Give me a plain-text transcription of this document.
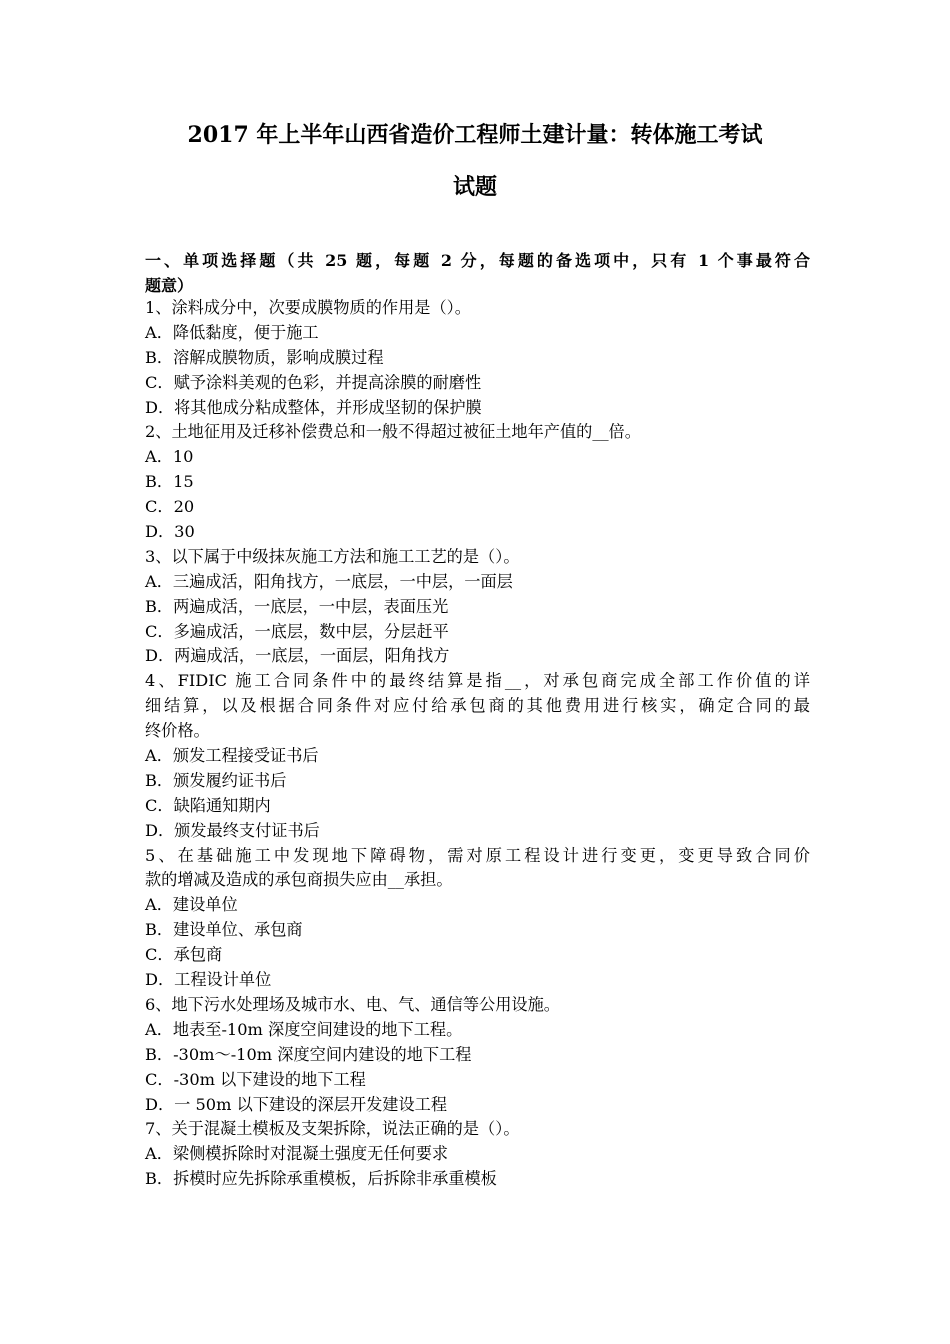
2017 年上半年山西省造价工程师土建计量：转体施工考试
试题
一、单项选择题（共 25 题，每题 2 分，每题的备选项中，只有 1 个事最符合
题意）
1、涂料成分中，次要成膜物质的作用是（）。
A．降低黏度，便于施工
B．溶解成膜物质，影响成膜过程
C．赋予涂料美观的色彩，并提高涂膜的耐磨性
D．将其他成分粘成整体，并形成坚韧的保护膜
2、土地征用及迁移补偿费总和一般不得超过被征土地年产值的__倍。
A．10
B．15
C．20
D．30
3、以下属于中级抹灰施工方法和施工工艺的是（）。
A．三遍成活，阳角找方，一底层，一中层，一面层
B．两遍成活，一底层，一中层，表面压光
C．多遍成活，一底层，数中层，分层赶平
D．两遍成活，一底层，一面层，阳角找方
4、FIDIC 施工合同条件中的最终结算是指__，对承包商完成全部工作价值的详
细结算，以及根据合同条件对应付给承包商的其他费用进行核实，确定合同的最
终价格。
A．颁发工程接受证书后
B．颁发履约证书后
C．缺陷通知期内
D．颁发最终支付证书后
5、在基础施工中发现地下障碍物，需对原工程设计进行变更，变更导致合同价
款的增减及造成的承包商损失应由__承担。
A．建设单位
B．建设单位、承包商
C．承包商
D．工程设计单位
6、地下污水处理场及城市水、电、气、通信等公用设施。
A．地表至-10m 深度空间建设的地下工程。
B．-30m～-10m 深度空间内建设的地下工程
C．-30m 以下建设的地下工程
D．一 50m 以下建设的深层开发建设工程
7、关于混凝土模板及支架拆除，说法正确的是（）。
A．梁侧模拆除时对混凝土强度无任何要求
B．拆模时应先拆除承重模板，后拆除非承重模板
